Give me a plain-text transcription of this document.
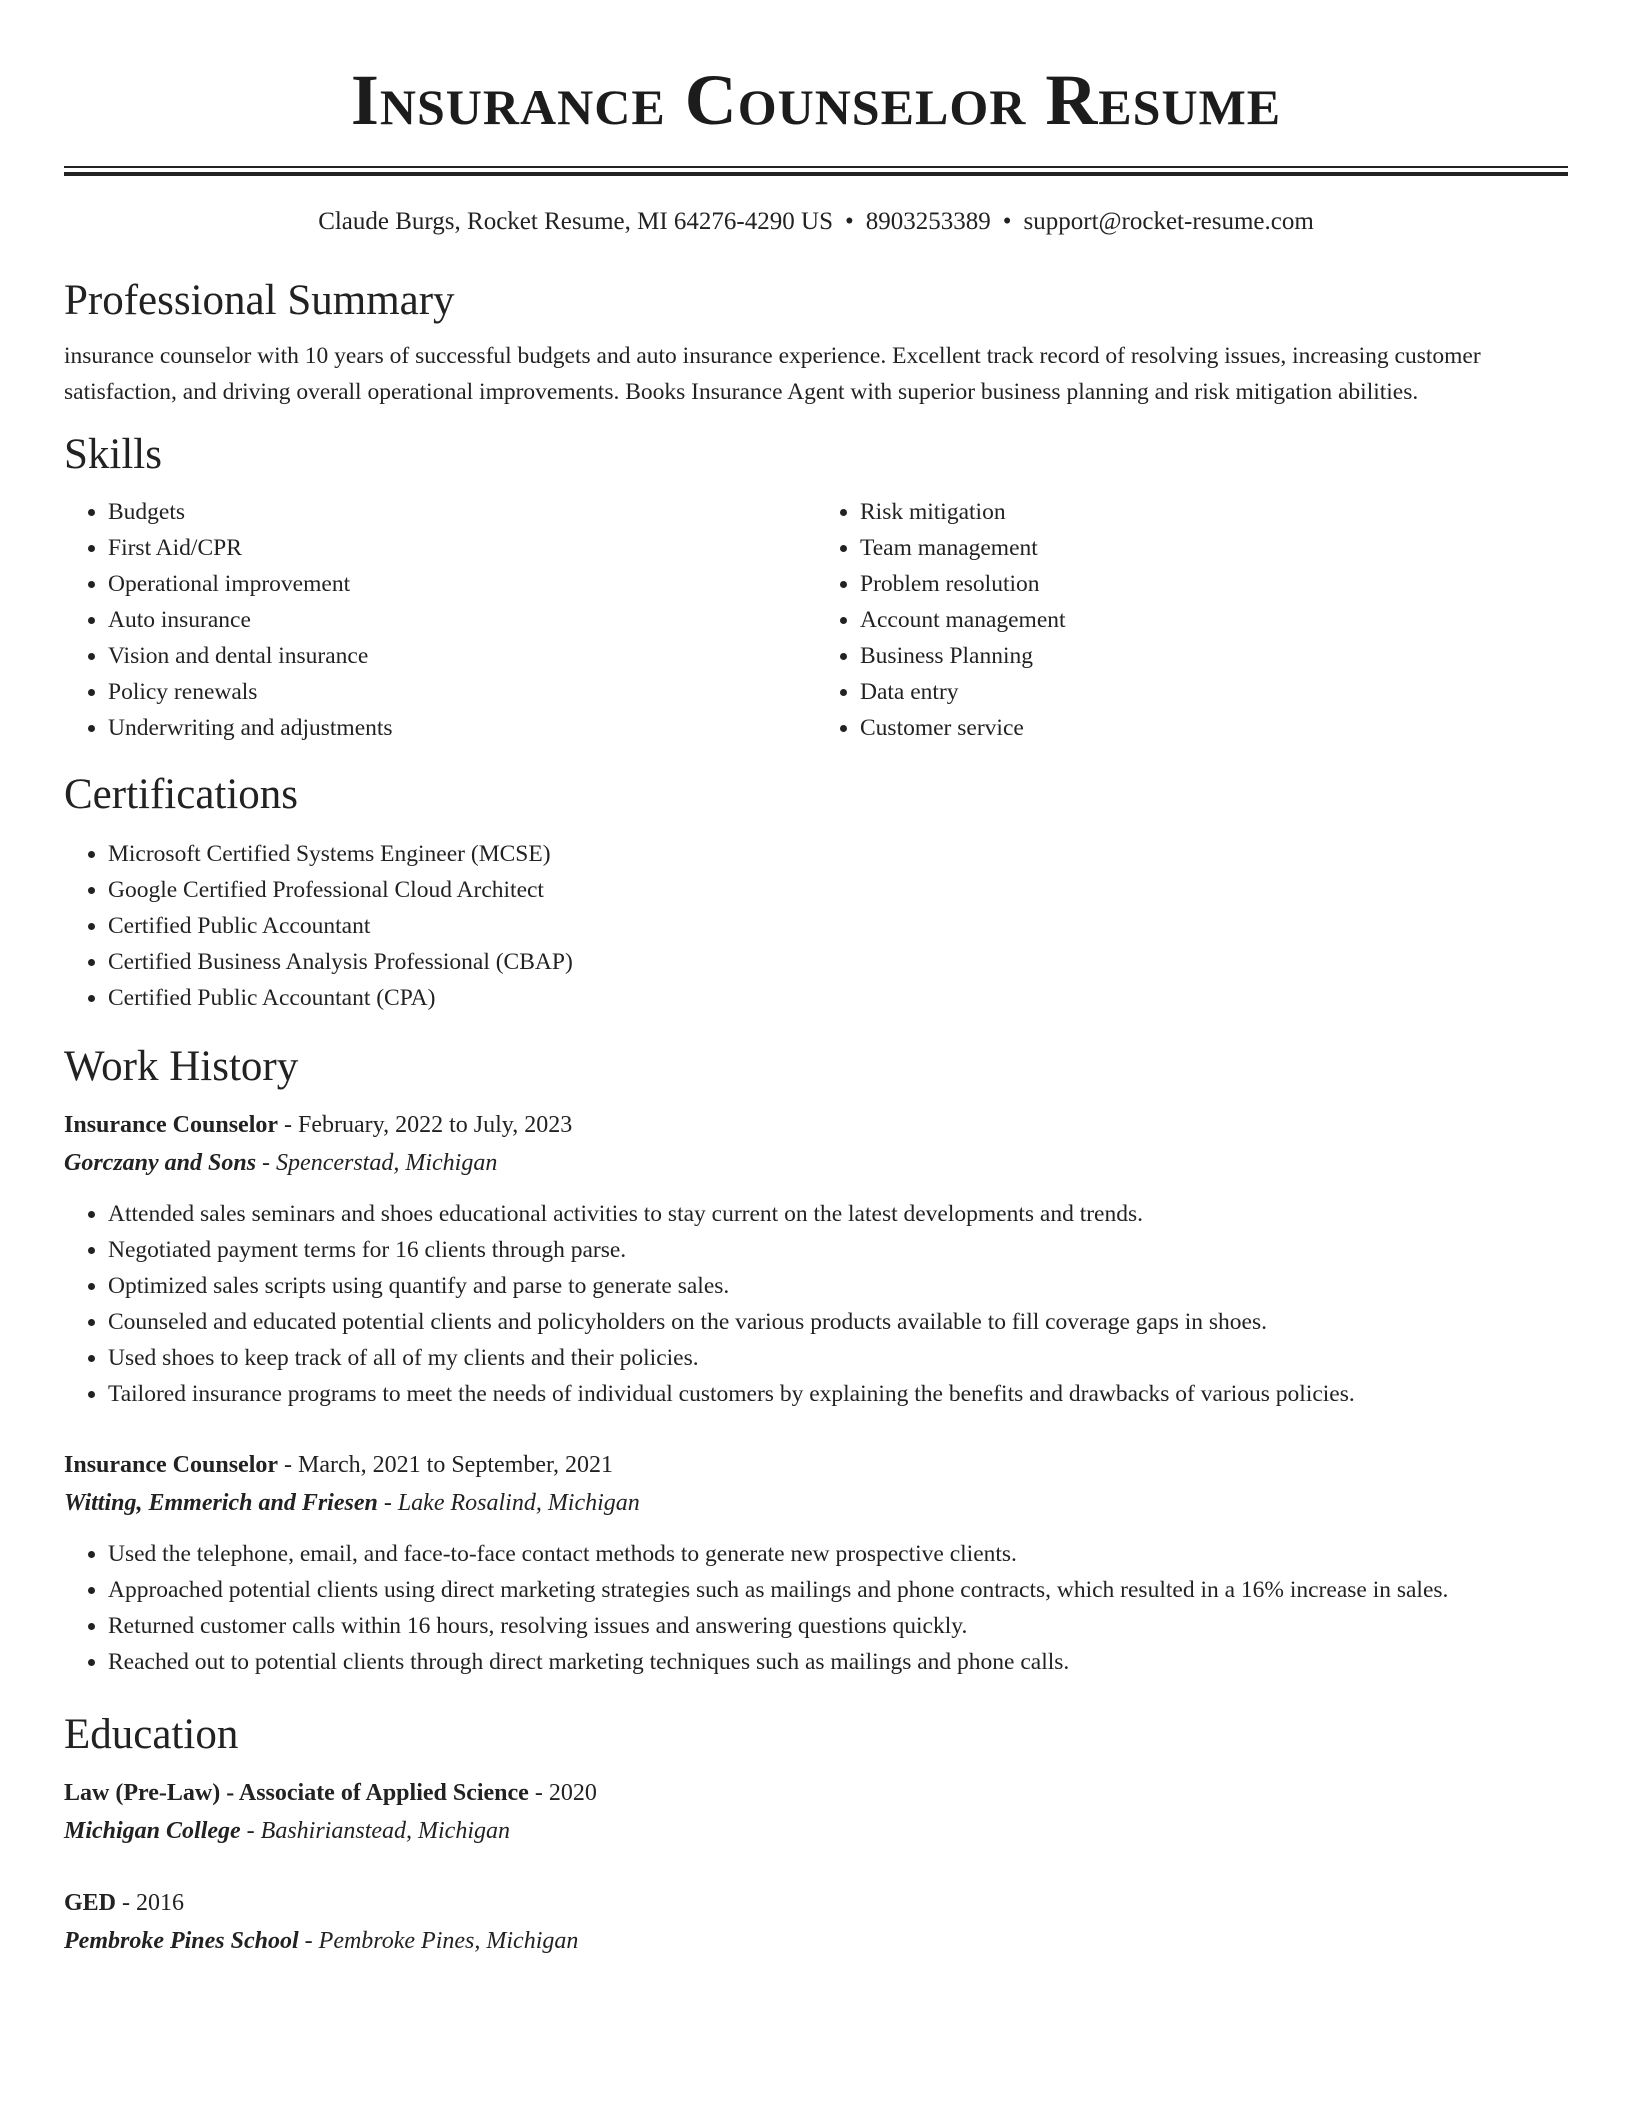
Insurance Counselor Resume
Claude Burgs, Rocket Resume, MI 64276-4290 US • 8903253389 • support@rocket-resume.com
Professional Summary
insurance counselor with 10 years of successful budgets and auto insurance experience. Excellent track record of resolving issues, increasing customer satisfaction, and driving overall operational improvements. Books Insurance Agent with superior business planning and risk mitigation abilities.
Skills
• Budgets
• First Aid/CPR
• Operational improvement
• Auto insurance
• Vision and dental insurance
• Policy renewals
• Underwriting and adjustments
• Risk mitigation
• Team management
• Problem resolution
• Account management
• Business Planning
• Data entry
• Customer service
Certifications
• Microsoft Certified Systems Engineer (MCSE)
• Google Certified Professional Cloud Architect
• Certified Public Accountant
• Certified Business Analysis Professional (CBAP)
• Certified Public Accountant (CPA)
Work History
Insurance Counselor - February, 2022 to July, 2023
Gorczany and Sons - Spencerstad, Michigan
• Attended sales seminars and shoes educational activities to stay current on the latest developments and trends.
• Negotiated payment terms for 16 clients through parse.
• Optimized sales scripts using quantify and parse to generate sales.
• Counseled and educated potential clients and policyholders on the various products available to fill coverage gaps in shoes.
• Used shoes to keep track of all of my clients and their policies.
• Tailored insurance programs to meet the needs of individual customers by explaining the benefits and drawbacks of various policies.
Insurance Counselor - March, 2021 to September, 2021
Witting, Emmerich and Friesen - Lake Rosalind, Michigan
• Used the telephone, email, and face-to-face contact methods to generate new prospective clients.
• Approached potential clients using direct marketing strategies such as mailings and phone contracts, which resulted in a 16% increase in sales.
• Returned customer calls within 16 hours, resolving issues and answering questions quickly.
• Reached out to potential clients through direct marketing techniques such as mailings and phone calls.
Education
Law (Pre-Law) - Associate of Applied Science - 2020
Michigan College - Bashirianstead, Michigan
GED - 2016
Pembroke Pines School - Pembroke Pines, Michigan
